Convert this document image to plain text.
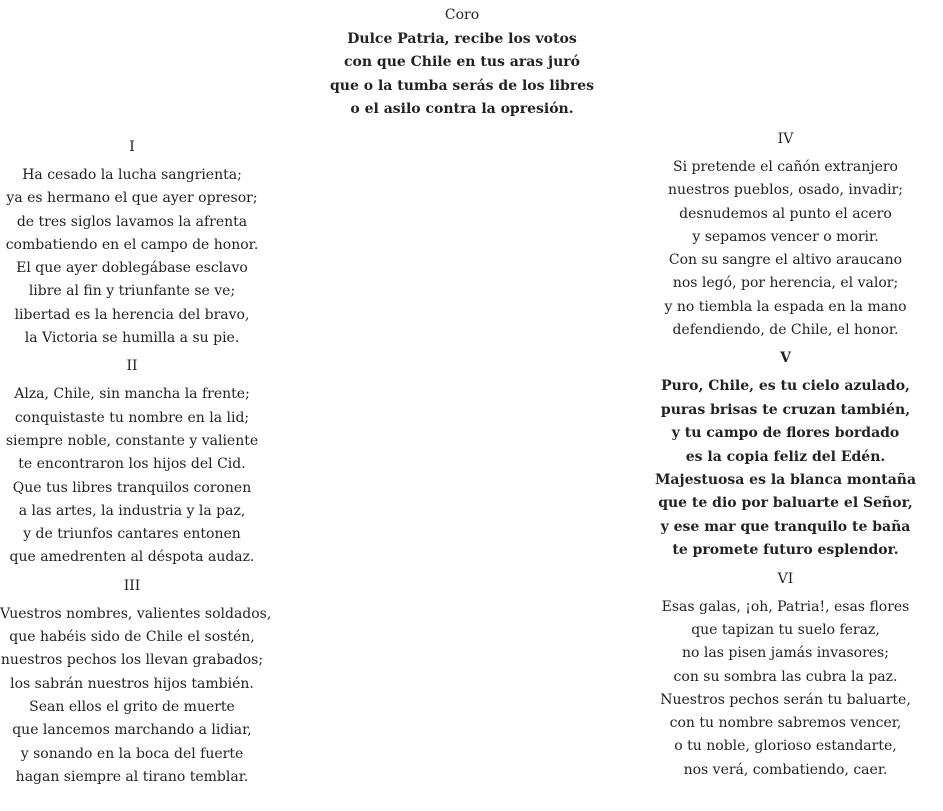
Coro
Dulce Patria, recibe los votos
con que Chile en tus aras juró
que o la tumba serás de los libres
o el asilo contra la opresión.
I
Ha cesado la lucha sangrienta;
ya es hermano el que ayer opresor;
de tres siglos lavamos la afrenta
combatiendo en el campo de honor.
El que ayer doblegábase esclavo
libre al fin y triunfante se ve;
libertad es la herencia del bravo,
la Victoria se humilla a su pie.
II
Alza, Chile, sin mancha la frente;
conquistaste tu nombre en la lid;
siempre noble, constante y valiente
te encontraron los hijos del Cid.
Que tus libres tranquilos coronen
a las artes, la industria y la paz,
y de triunfos cantares entonen
que amedrenten al déspota audaz.
III
Vuestros nombres, valientes soldados,
que habéis sido de Chile el sostén,
nuestros pechos los llevan grabados;
los sabrán nuestros hijos también.
Sean ellos el grito de muerte
que lancemos marchando a lidiar,
y sonando en la boca del fuerte
hagan siempre al tirano temblar.
IV
Si pretende el cañón extranjero
nuestros pueblos, osado, invadir;
desnudemos al punto el acero
y sepamos vencer o morir.
Con su sangre el altivo araucano
nos legó, por herencia, el valor;
y no tiembla la espada en la mano
defendiendo, de Chile, el honor.
V
Puro, Chile, es tu cielo azulado,
puras brisas te cruzan también,
y tu campo de flores bordado
es la copia feliz del Edén.
Majestuosa es la blanca montaña
que te dio por baluarte el Señor,
y ese mar que tranquilo te baña
te promete futuro esplendor.
VI
Esas galas, ¡oh, Patria!, esas flores
que tapizan tu suelo feraz,
no las pisen jamás invasores;
con su sombra las cubra la paz.
Nuestros pechos serán tu baluarte,
con tu nombre sabremos vencer,
o tu noble, glorioso estandarte,
nos verá, combatiendo, caer.
